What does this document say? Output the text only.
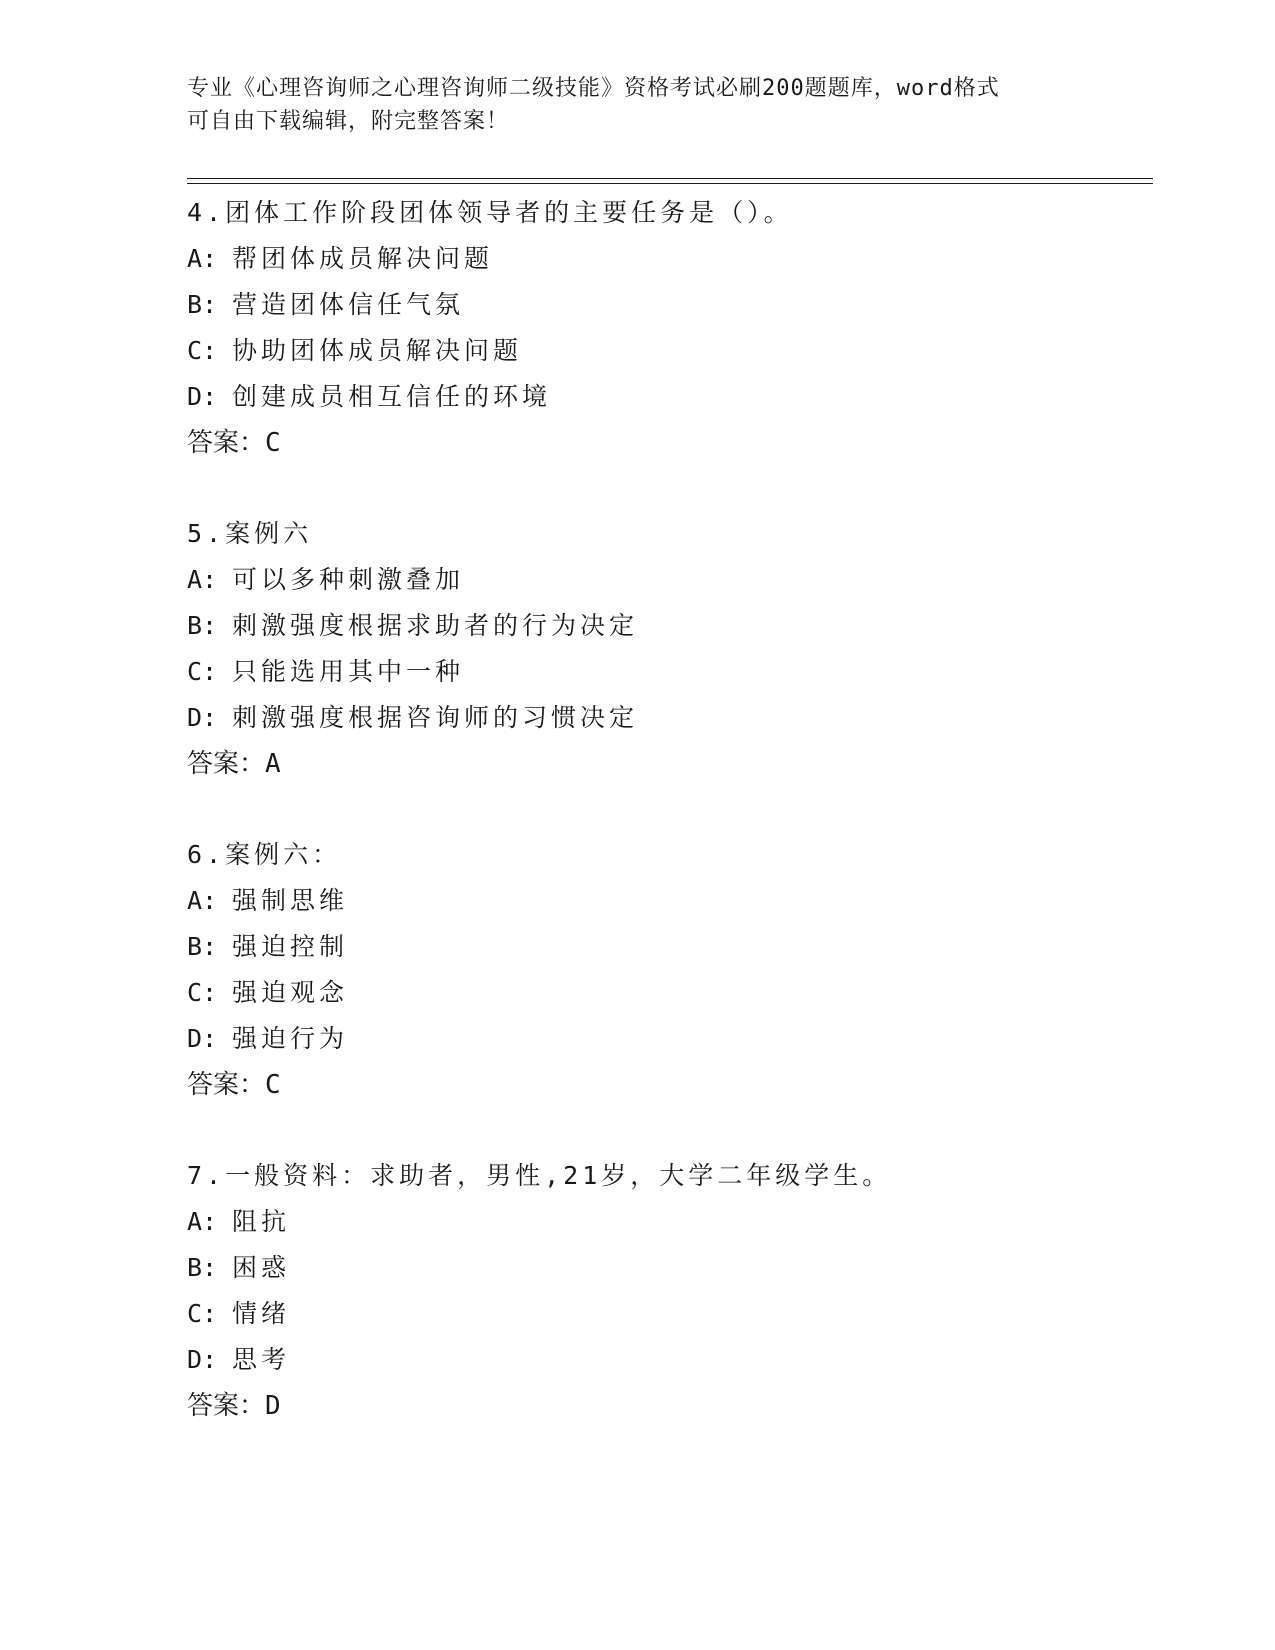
专业《心理咨询师之心理咨询师二级技能》资格考试必刷200题题库，word格式
可自由下载编辑，附完整答案！
4.团体工作阶段团体领导者的主要任务是（）。
A: 帮团体成员解决问题
B: 营造团体信任气氛
C: 协助团体成员解决问题
D: 创建成员相互信任的环境
答案：C
5.案例六
A: 可以多种刺激叠加
B: 刺激强度根据求助者的行为决定
C: 只能选用其中一种
D: 刺激强度根据咨询师的习惯决定
答案：A
6.案例六：
A: 强制思维
B: 强迫控制
C: 强迫观念
D: 强迫行为
答案：C
7.一般资料：求助者，男性,21岁，大学二年级学生。
A: 阻抗
B: 困惑
C: 情绪
D: 思考
答案：D
